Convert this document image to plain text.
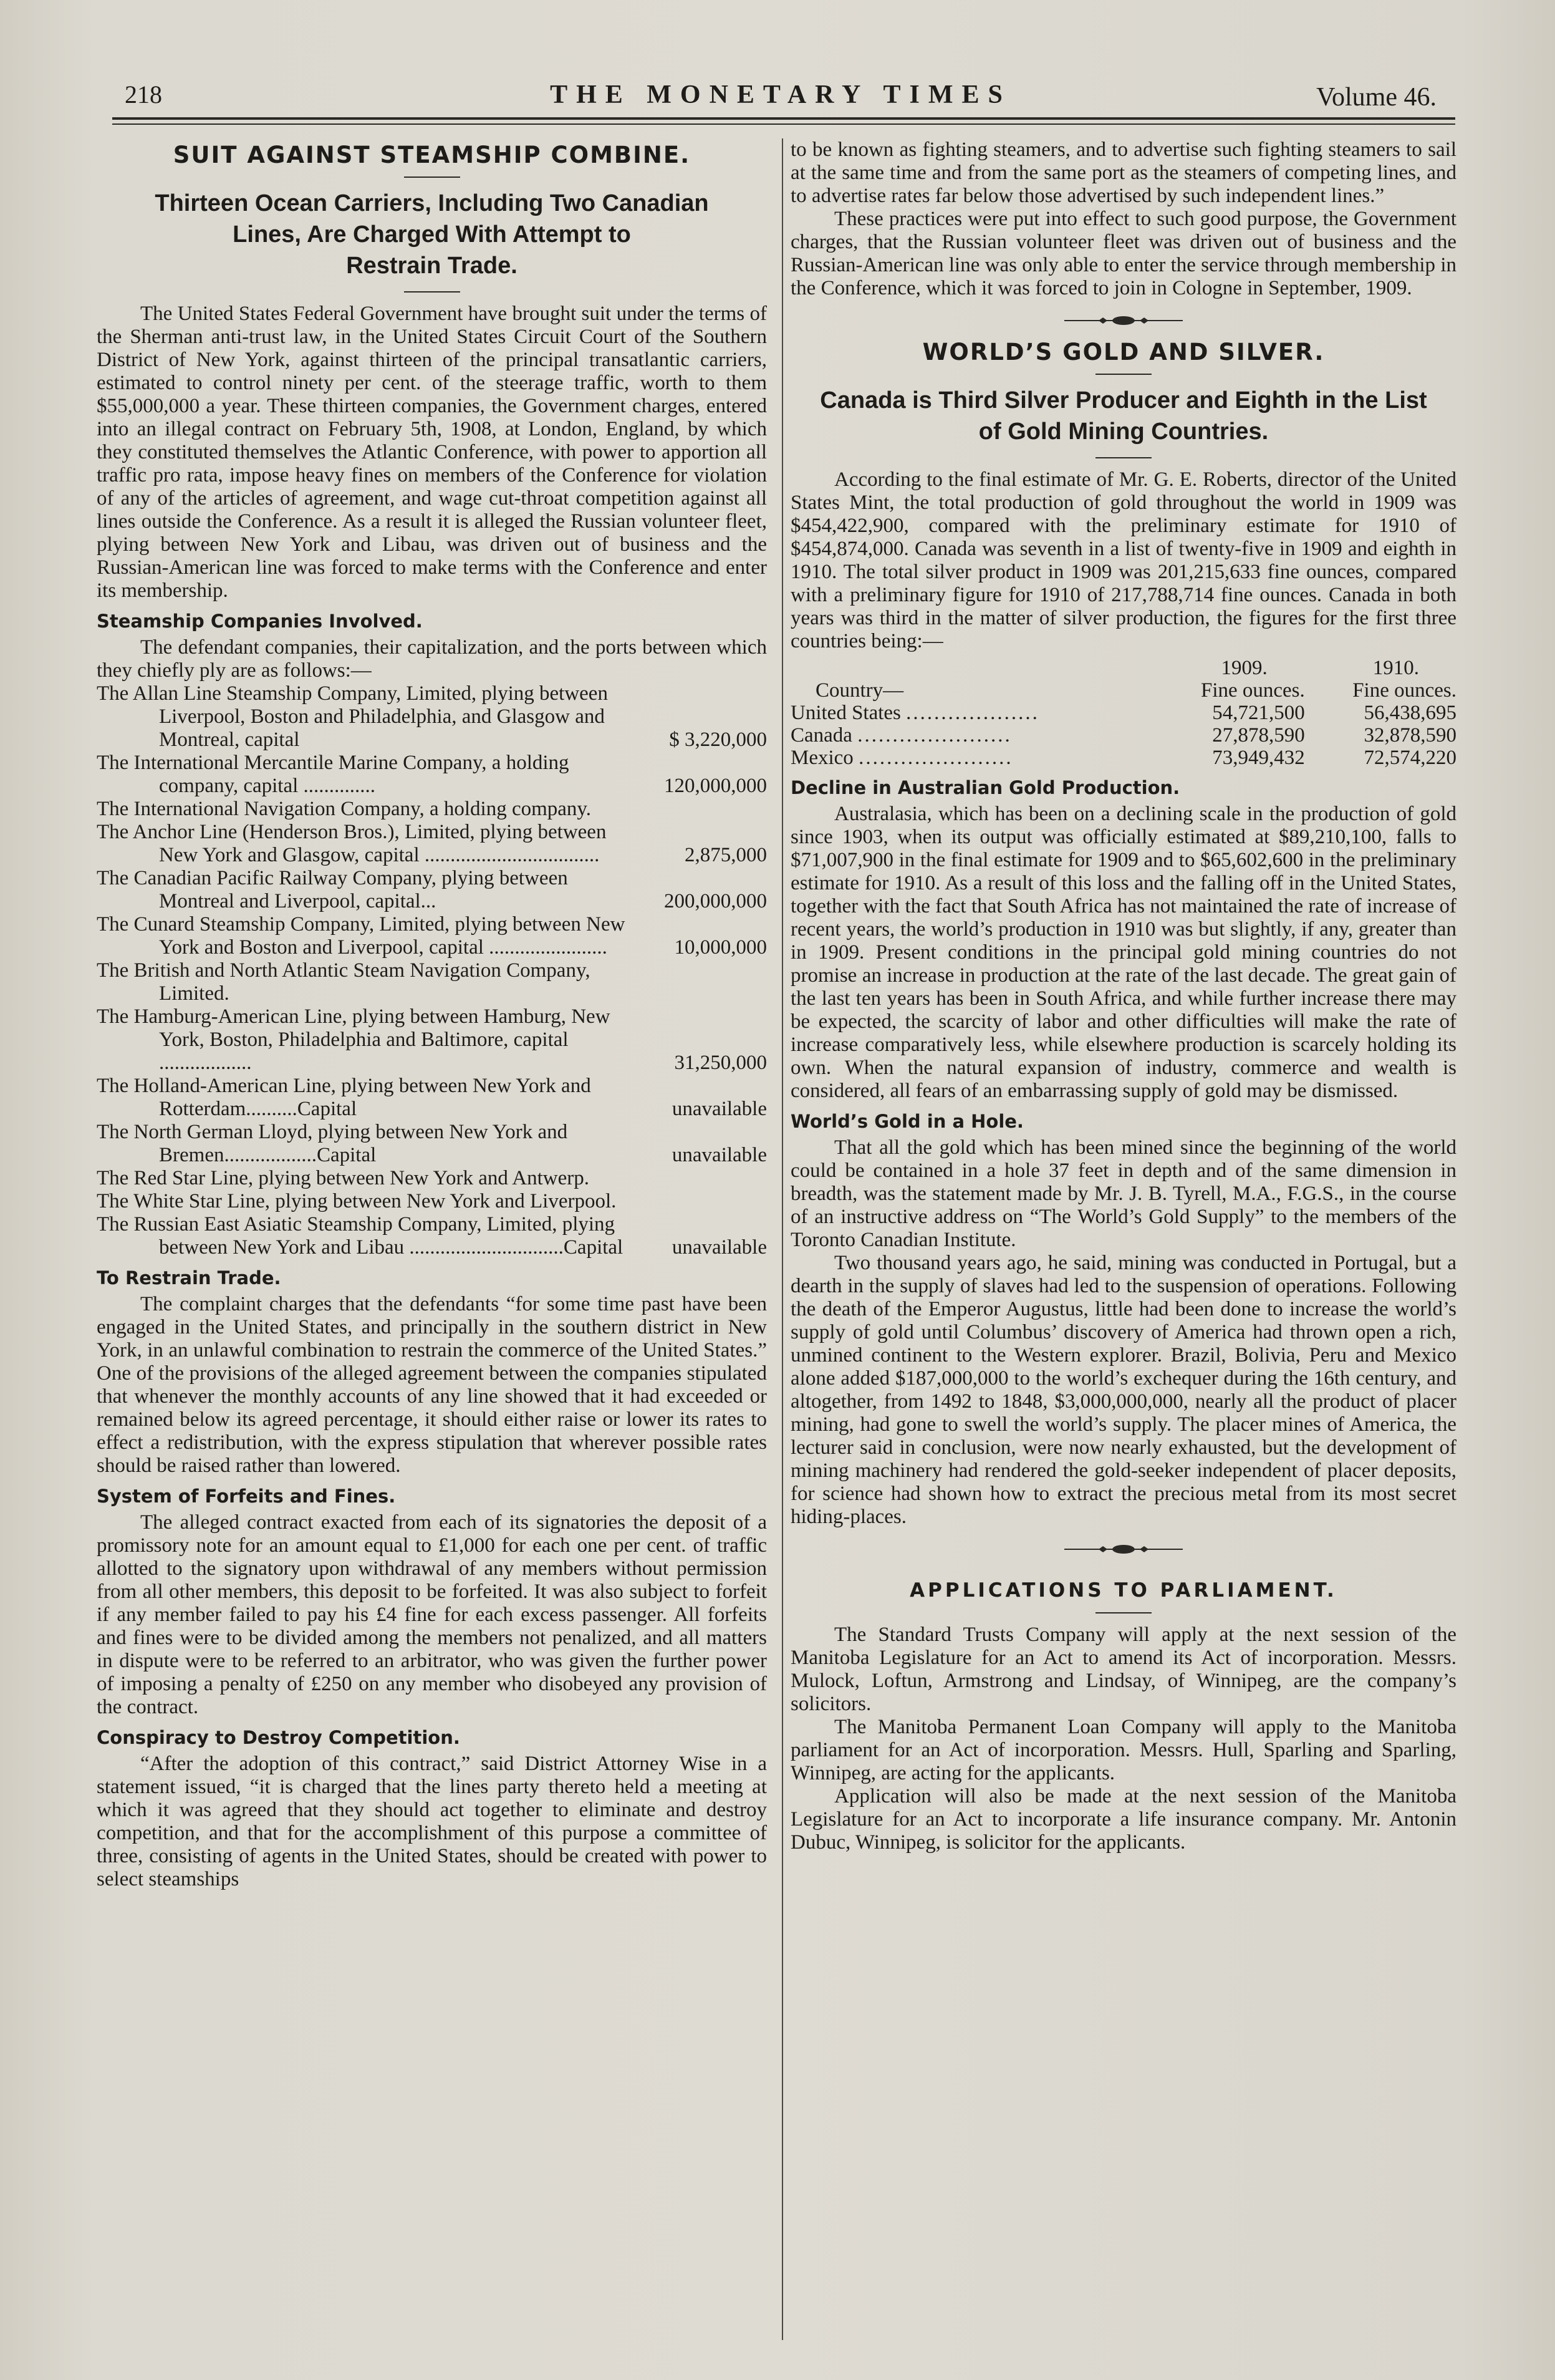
218	THE MONETARY TIMES	Volume 46.
SUIT AGAINST STEAMSHIP COMBINE.
Thirteen Ocean Carriers, Including Two Canadian
Lines, Are Charged With Attempt to
Restrain Trade.

The United States Federal Government have brought suit under the terms of the Sherman anti-trust law, in the United States Circuit Court of the Southern District of New York, against thirteen of the principal transatlantic carriers, estimated to control ninety per cent. of the steerage traffic, worth to them $55,000,000 a year. These thirteen companies, the Government charges, entered into an illegal contract on February 5th, 1908, at London, England, by which they constituted themselves the Atlantic Conference, with power to apportion all traffic pro rata, impose heavy fines on members of the Conference for violation of any of the articles of agreement, and wage cut-throat competition against all lines outside the Conference. As a result it is alleged the Russian volunteer fleet, plying between New York and Libau, was driven out of business and the Russian-American line was forced to make terms with the Conference and enter its membership.

Steamship Companies Involved.

The defendant companies, their capitalization, and the ports between which they chiefly ply are as follows:—

The Allan Line Steamship Company, Limited, plying between Liverpool, Boston and Philadelphia, and Glasgow and Montreal, capital	$ 3,220,000
The International Mercantile Marine Company, a holding company, capital ..............	120,000,000
The International Navigation Company, a holding company.
The Anchor Line (Henderson Bros.), Limited, plying between New York and Glasgow, capital ..................................	2,875,000
The Canadian Pacific Railway Company, plying between Montreal and Liverpool, capital...	200,000,000
The Cunard Steamship Company, Limited, plying between New York and Boston and Liverpool, capital .......................	10,000,000
The British and North Atlantic Steam Navigation Company, Limited.
The Hamburg-American Line, plying between Hamburg, New York, Boston, Philadelphia and Baltimore, capital ..................	31,250,000
The Holland-American Line, plying between New York and Rotterdam..........Capital	unavailable
The North German Lloyd, plying between New York and Bremen..................Capital	unavailable
The Red Star Line, plying between New York and Antwerp.
The White Star Line, plying between New York and Liverpool.
The Russian East Asiatic Steamship Company, Limited, plying between New York and Libau ..............................Capital	unavailable
To Restrain Trade.

The complaint charges that the defendants “for some time past have been engaged in the United States, and principally in the southern district in New York, in an unlawful combination to restrain the commerce of the United States.” One of the provisions of the alleged agreement between the companies stipulated that whenever the monthly accounts of any line showed that it had exceeded or remained below its agreed percentage, it should either raise or lower its rates to effect a redistribution, with the express stipulation that wherever possible rates should be raised rather than lowered.

System of Forfeits and Fines.

The alleged contract exacted from each of its signatories the deposit of a promissory note for an amount equal to £1,000 for each one per cent. of traffic allotted to the signatory upon withdrawal of any members without permission from all other members, this deposit to be forfeited. It was also subject to forfeit if any member failed to pay his £4 fine for each excess passenger. All forfeits and fines were to be divided among the members not penalized, and all matters in dispute were to be referred to an arbitrator, who was given the further power of imposing a penalty of £250 on any member who disobeyed any provision of the contract.

Conspiracy to Destroy Competition.

“After the adoption of this contract,” said District Attorney Wise in a statement issued, “it is charged that the lines party thereto held a meeting at which it was agreed that they should act together to eliminate and destroy competition, and that for the accomplishment of this purpose a committee of three, consisting of agents in the United States, should be created with power to select steamships

to be known as fighting steamers, and to advertise such fighting steamers to sail at the same time and from the same port as the steamers of competing lines, and to advertise rates far below those advertised by such independent lines.”

These practices were put into effect to such good purpose, the Government charges, that the Russian volunteer fleet was driven out of business and the Russian-American line was only able to enter the service through membership in the Conference, which it was forced to join in Cologne in September, 1909.

WORLD’S GOLD AND SILVER.
Canada is Third Silver Producer and Eighth in the List
of Gold Mining Countries.

According to the final estimate of Mr. G. E. Roberts, director of the United States Mint, the total production of gold throughout the world in 1909 was $454,422,900, compared with the preliminary estimate for 1910 of $454,874,000. Canada was seventh in a list of twenty-five in 1909 and eighth in 1910. The total silver product in 1909 was 201,215,633 fine ounces, compared with a preliminary figure for 1910 of 217,788,714 fine ounces. Canada in both years was third in the matter of silver production, the figures for the first three countries being:—

	1909.	1910.
Country—	Fine ounces.	Fine ounces.
United States ...................	54,721,500	56,438,695
Canada ......................	27,878,590	32,878,590
Mexico ......................	73,949,432	72,574,220
Decline in Australian Gold Production.

Australasia, which has been on a declining scale in the production of gold since 1903, when its output was officially estimated at $89,210,100, falls to $71,007,900 in the final estimate for 1909 and to $65,602,600 in the preliminary estimate for 1910. As a result of this loss and the falling off in the United States, together with the fact that South Africa has not maintained the rate of increase of recent years, the world’s production in 1910 was but slightly, if any, greater than in 1909. Present conditions in the principal gold mining countries do not promise an increase in production at the rate of the last decade. The great gain of the last ten years has been in South Africa, and while further increase there may be expected, the scarcity of labor and other difficulties will make the rate of increase comparatively less, while elsewhere production is scarcely holding its own. When the natural expansion of industry, commerce and wealth is considered, all fears of an embarrassing supply of gold may be dismissed.

World’s Gold in a Hole.

That all the gold which has been mined since the beginning of the world could be contained in a hole 37 feet in depth and of the same dimension in breadth, was the statement made by Mr. J. B. Tyrell, M.A., F.G.S., in the course of an instructive address on “The World’s Gold Supply” to the members of the Toronto Canadian Institute.

Two thousand years ago, he said, mining was conducted in Portugal, but a dearth in the supply of slaves had led to the suspension of operations. Following the death of the Emperor Augustus, little had been done to increase the world’s supply of gold until Columbus’ discovery of America had thrown open a rich, unmined continent to the Western explorer. Brazil, Bolivia, Peru and Mexico alone added $187,000,000 to the world’s exchequer during the 16th century, and altogether, from 1492 to 1848, $3,000,000,000, nearly all the product of placer mining, had gone to swell the world’s supply. The placer mines of America, the lecturer said in conclusion, were now nearly exhausted, but the development of mining machinery had rendered the gold-seeker independent of placer deposits, for science had shown how to extract the precious metal from its most secret hiding-places.

APPLICATIONS TO PARLIAMENT.

The Standard Trusts Company will apply at the next session of the Manitoba Legislature for an Act to amend its Act of incorporation. Messrs. Mulock, Loftun, Armstrong and Lindsay, of Winnipeg, are the company’s solicitors.

The Manitoba Permanent Loan Company will apply to the Manitoba parliament for an Act of incorporation. Messrs. Hull, Sparling and Sparling, Winnipeg, are acting for the applicants.

Application will also be made at the next session of the Manitoba Legislature for an Act to incorporate a life insurance company. Mr. Antonin Dubuc, Winnipeg, is solicitor for the applicants.
